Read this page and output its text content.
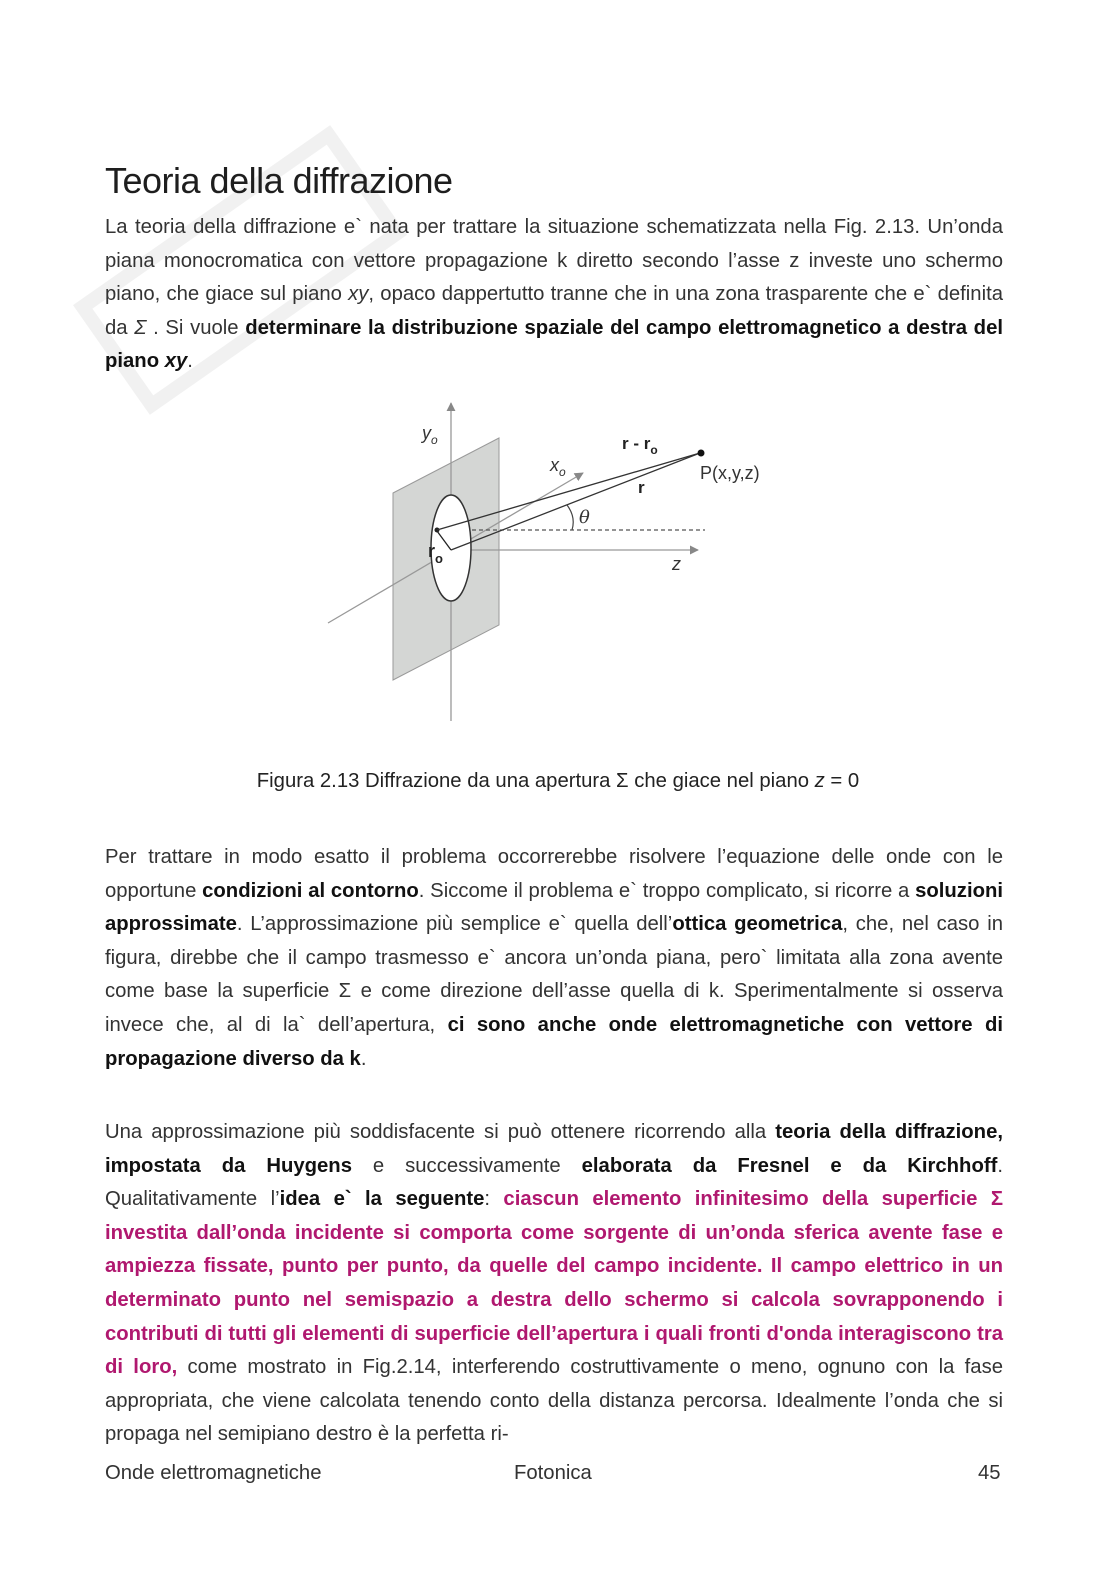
Teoria della diffrazione

La teoria della diffrazione e` nata per trattare la situazione schematizzata nella Fig. 2.13. Un’onda piana monocromatica con vettore propagazione k diretto secondo l’asse z investe uno schermo piano, che giace sul piano xy, opaco dappertutto tranne che in una zona trasparente che e` definita da Σ . Si vuole determinare la distribuzione spaziale del campo elettromagnetico a destra del piano xy.

$y_o$
$x_o$
r - $r_o$
P(x,y,z)
r
θ
$r_o$	z

Figura 2.13 Diffrazione da una apertura Σ che giace nel piano z = 0

Per trattare in modo esatto il problema occorrerebbe risolvere l’equazione delle onde con le opportune condizioni al contorno. Siccome il problema e` troppo complicato, si ricorre a soluzioni approssimate. L’approssimazione più semplice e` quella dell’ottica geometrica, che, nel caso in figura, direbbe che il campo trasmesso e` ancora un’onda piana, pero` limitata alla zona avente come base la superficie Σ e come direzione dell’asse quella di k. Sperimentalmente si osserva invece che, al di la` dell’apertura, ci sono anche onde elettromagnetiche con vettore di propagazione diverso da k.

Una approssimazione più soddisfacente si può ottenere ricorrendo alla teoria della diffrazione, impostata da Huygens e successivamente elaborata da Fresnel e da Kirchhoff. Qualitativamente l’idea e` la seguente: ciascun elemento infinitesimo della superficie Σ investita dall’onda incidente si comporta come sorgente di un’onda sferica avente fase e ampiezza fissate, punto per punto, da quelle del campo incidente. Il campo elettrico in un determinato punto nel semispazio a destra dello schermo si calcola sovrapponendo i contributi di tutti gli elementi di superficie dell’apertura i quali fronti d'onda interagiscono tra di loro, come mostrato in Fig.2.14, interferendo costruttivamente o meno, ognuno con la fase appropriata, che viene calcolata tenendo conto della distanza percorsa. Idealmente l’onda che si propaga nel semipiano destro è la perfetta ri-

Onde elettromagnetiche	Fotonica	45
